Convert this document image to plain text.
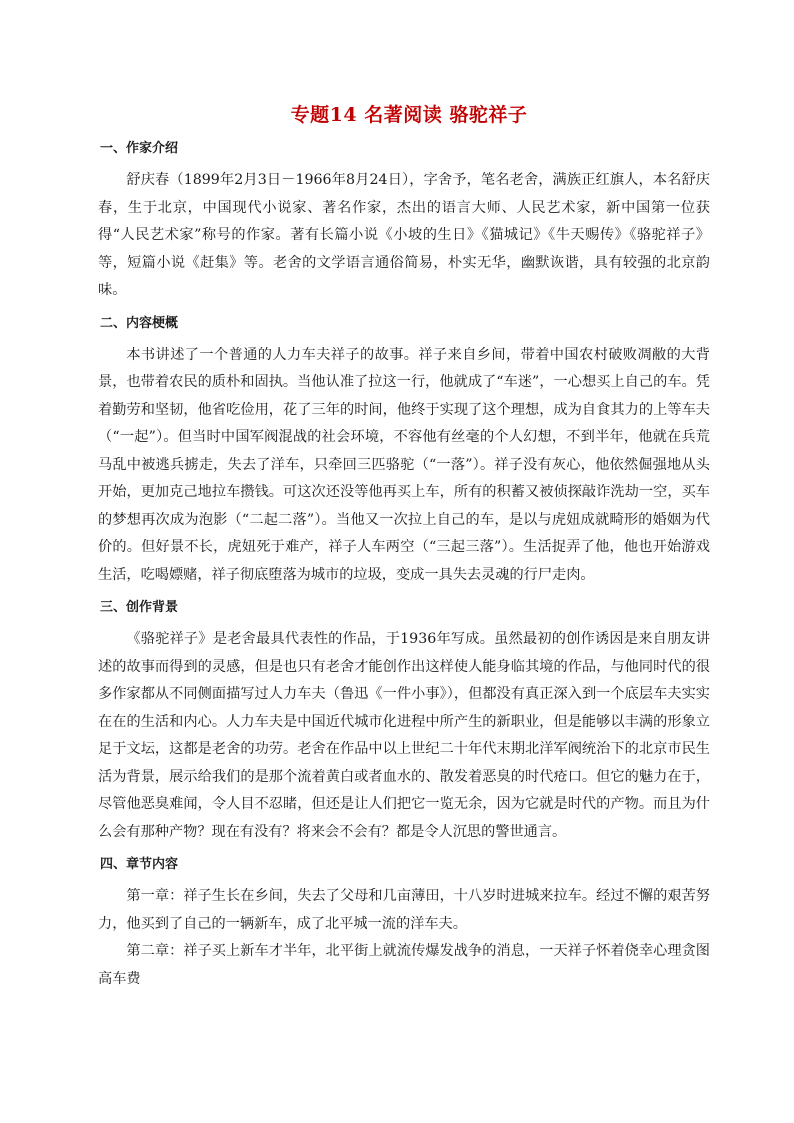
专题14 名著阅读 骆驼祥子
一、作家介绍

舒庆春（1899年2月3日－1966年8月24日），字舍予，笔名老舍，满族正红旗人，本名舒庆春，生于北京，中国现代小说家、著名作家，杰出的语言大师、人民艺术家，新中国第一位获得“人民艺术家”称号的作家。著有长篇小说《小坡的生日》《猫城记》《牛天赐传》《骆驼祥子》等，短篇小说《赶集》等。老舍的文学语言通俗简易，朴实无华，幽默诙谐，具有较强的北京韵味。

二、内容梗概

本书讲述了一个普通的人力车夫祥子的故事。祥子来自乡间，带着中国农村破败凋敝的大背景，也带着农民的质朴和固执。当他认准了拉这一行，他就成了“车迷”，一心想买上自己的车。凭着勤劳和坚韧，他省吃俭用，花了三年的时间，他终于实现了这个理想，成为自食其力的上等车夫（“一起”）。但当时中国军阀混战的社会环境，不容他有丝毫的个人幻想，不到半年，他就在兵荒马乱中被逃兵掳走，失去了洋车，只牵回三匹骆驼（“一落”）。祥子没有灰心，他依然倔强地从头开始，更加克己地拉车攒钱。可这次还没等他再买上车，所有的积蓄又被侦探敲诈洗劫一空，买车的梦想再次成为泡影（“二起二落”）。当他又一次拉上自己的车，是以与虎妞成就畸形的婚姻为代价的。但好景不长，虎妞死于难产，祥子人车两空（“三起三落”）。生活捉弄了他，他也开始游戏生活，吃喝嫖赌，祥子彻底堕落为城市的垃圾，变成一具失去灵魂的行尸走肉。

三、创作背景

《骆驼祥子》是老舍最具代表性的作品，于1936年写成。虽然最初的创作诱因是来自朋友讲述的故事而得到的灵感，但是也只有老舍才能创作出这样使人能身临其境的作品，与他同时代的很多作家都从不同侧面描写过人力车夫（鲁迅《一件小事》），但都没有真正深入到一个底层车夫实实在在的生活和内心。人力车夫是中国近代城市化进程中所产生的新职业，但是能够以丰满的形象立足于文坛，这都是老舍的功劳。老舍在作品中以上世纪二十年代末期北洋军阀统治下的北京市民生活为背景，展示给我们的是那个流着黄白或者血水的、散发着恶臭的时代疮口。但它的魅力在于，尽管他恶臭难闻，令人目不忍睹，但还是让人们把它一览无余，因为它就是时代的产物。而且为什么会有那种产物？现在有没有？将来会不会有？都是令人沉思的警世通言。

四、章节内容

第一章：祥子生长在乡间，失去了父母和几亩薄田，十八岁时进城来拉车。经过不懈的艰苦努力，他买到了自己的一辆新车，成了北平城一流的洋车夫。

第二章：祥子买上新车才半年，北平街上就流传爆发战争的消息，一天祥子怀着侥幸心理贪图高车费
